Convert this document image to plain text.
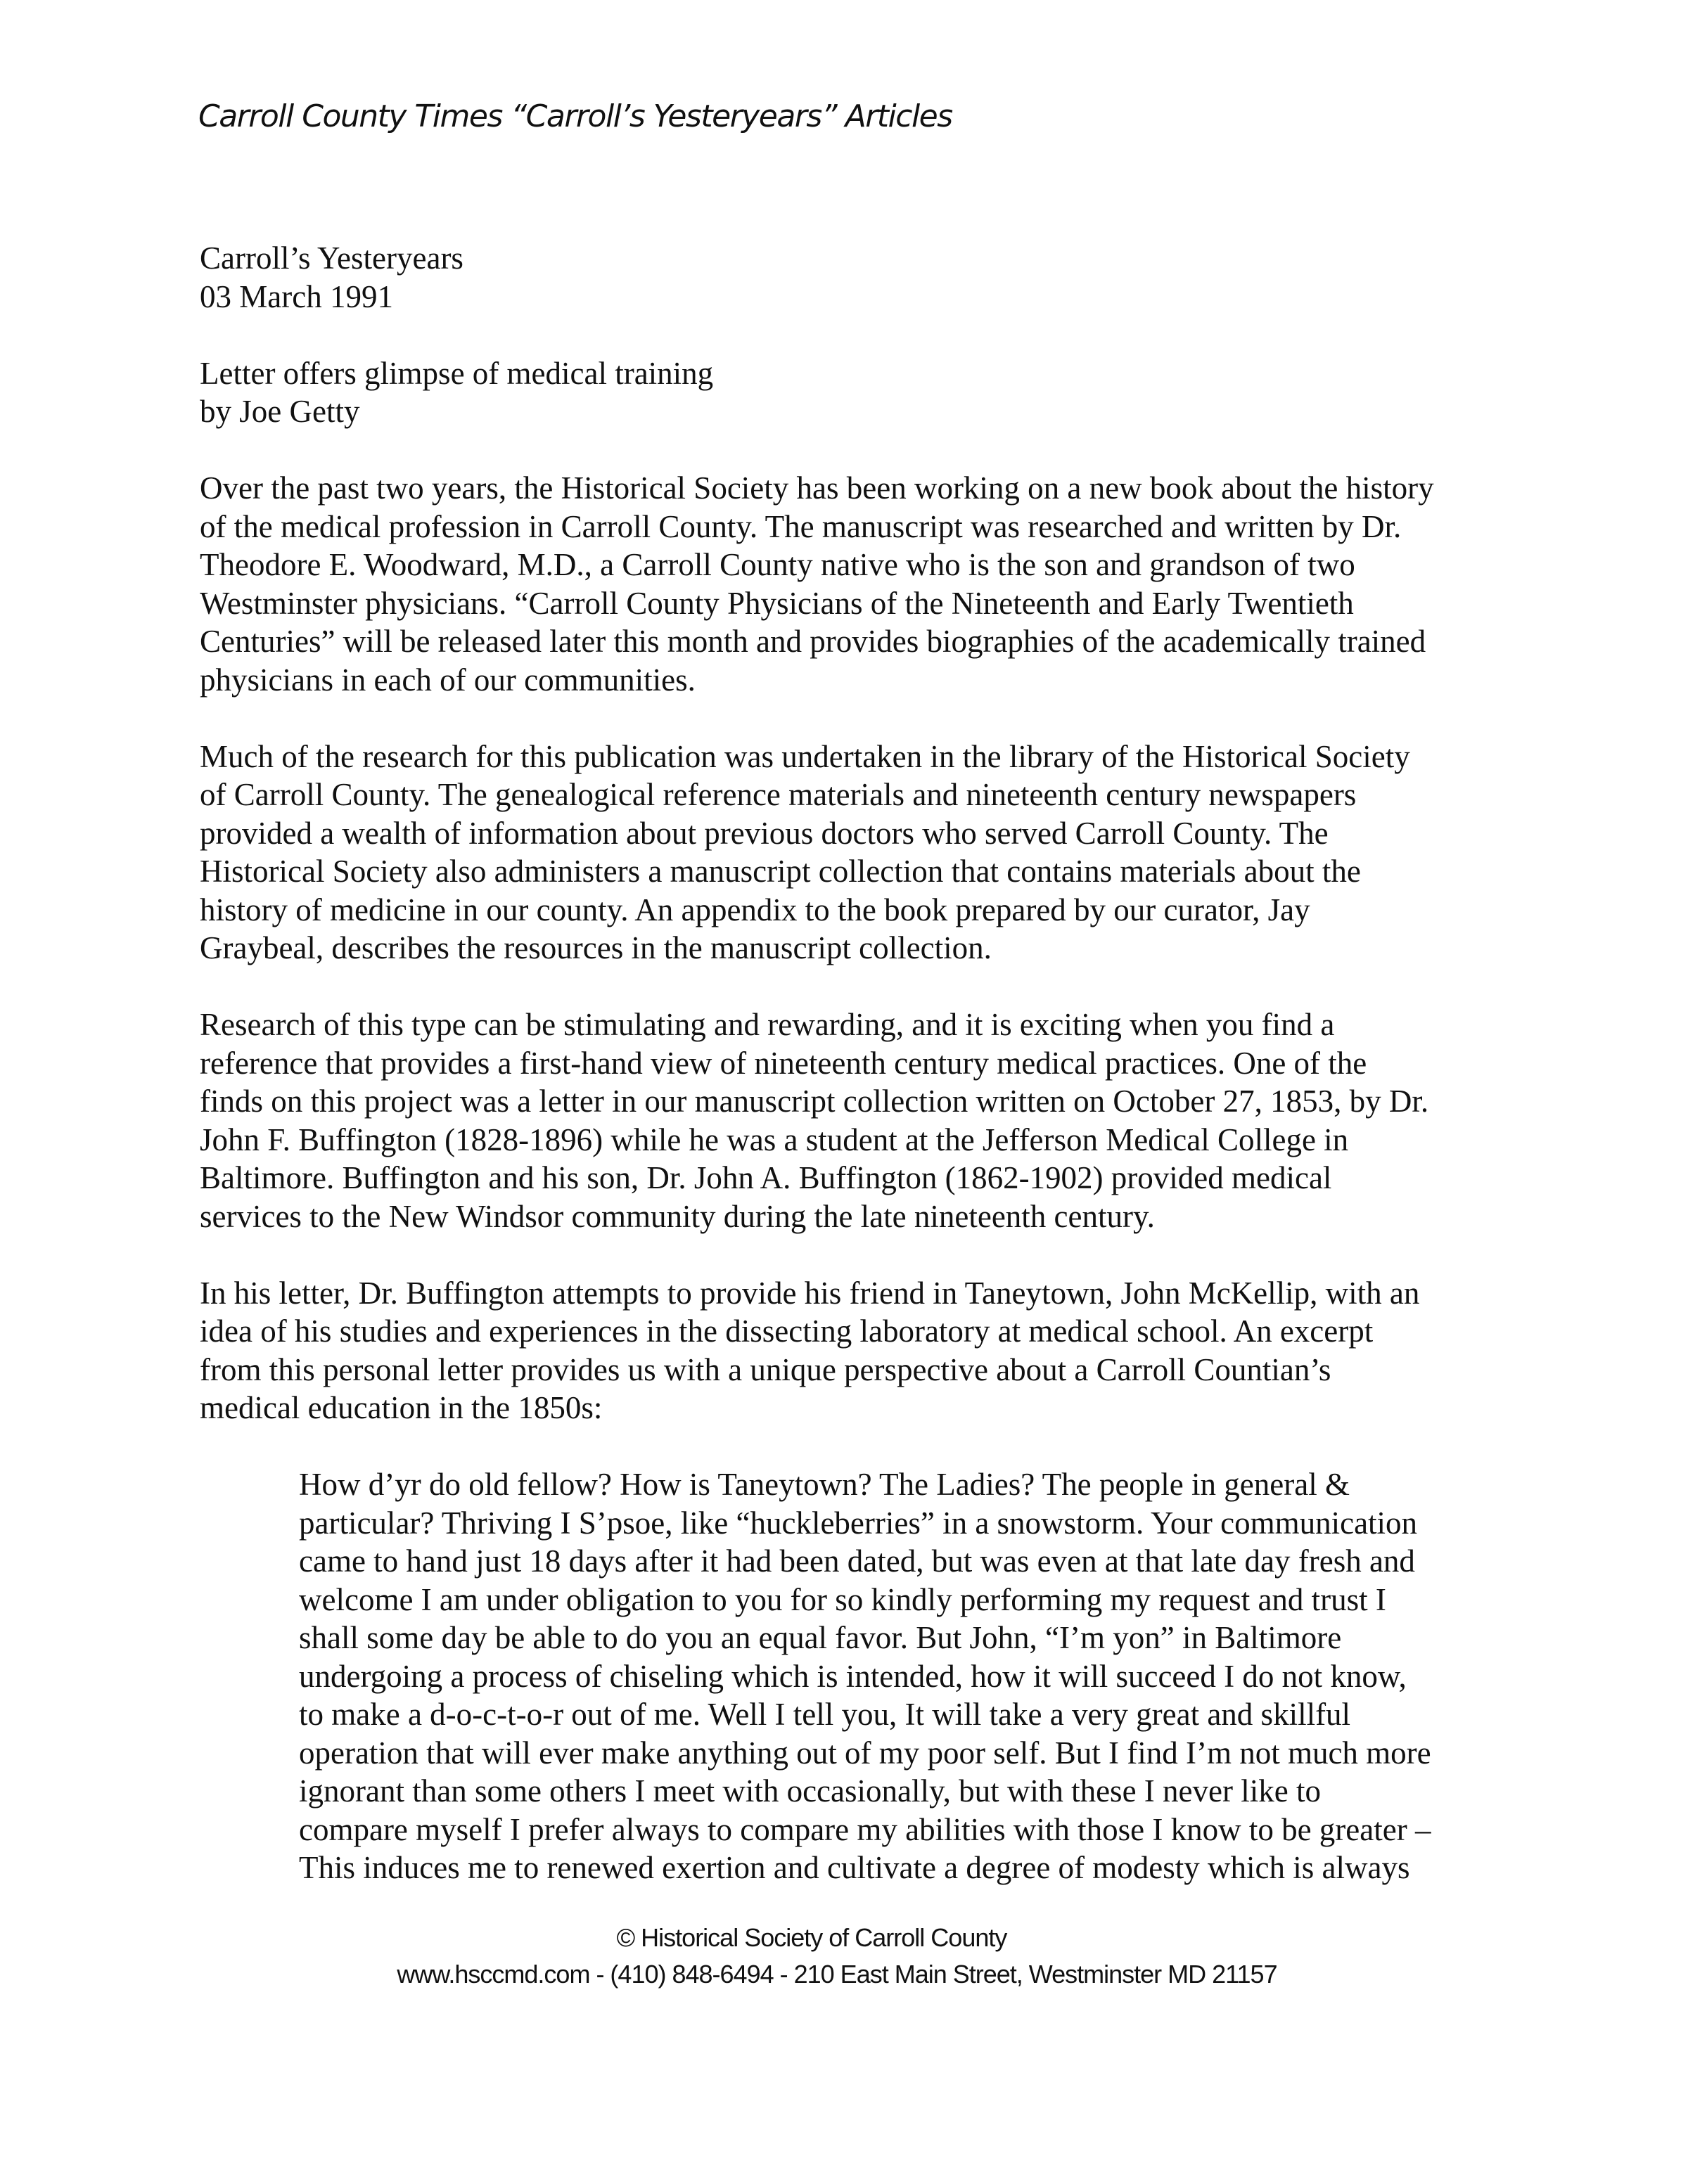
Carroll County Times “Carroll’s Yesteryears” Articles
Carroll’s Yesteryears
03 March 1991
Letter offers glimpse of medical training
by Joe Getty
Over the past two years, the Historical Society has been working on a new book about the history
of the medical profession in Carroll County. The manuscript was researched and written by Dr.
Theodore E. Woodward, M.D., a Carroll County native who is the son and grandson of two
Westminster physicians. “Carroll County Physicians of the Nineteenth and Early Twentieth
Centuries” will be released later this month and provides biographies of the academically trained
physicians in each of our communities.
Much of the research for this publication was undertaken in the library of the Historical Society
of Carroll County. The genealogical reference materials and nineteenth century newspapers
provided a wealth of information about previous doctors who served Carroll County. The
Historical Society also administers a manuscript collection that contains materials about the
history of medicine in our county. An appendix to the book prepared by our curator, Jay
Graybeal, describes the resources in the manuscript collection.
Research of this type can be stimulating and rewarding, and it is exciting when you find a
reference that provides a first-hand view of nineteenth century medical practices. One of the
finds on this project was a letter in our manuscript collection written on October 27, 1853, by Dr.
John F. Buffington (1828-1896) while he was a student at the Jefferson Medical College in
Baltimore. Buffington and his son, Dr. John A. Buffington (1862-1902) provided medical
services to the New Windsor community during the late nineteenth century.
In his letter, Dr. Buffington attempts to provide his friend in Taneytown, John McKellip, with an
idea of his studies and experiences in the dissecting laboratory at medical school. An excerpt
from this personal letter provides us with a unique perspective about a Carroll Countian’s
medical education in the 1850s:
How d’yr do old fellow? How is Taneytown? The Ladies? The people in general &
particular? Thriving I S’psoe, like “huckleberries” in a snowstorm. Your communication
came to hand just 18 days after it had been dated, but was even at that late day fresh and
welcome I am under obligation to you for so kindly performing my request and trust I
shall some day be able to do you an equal favor. But John, “I’m yon” in Baltimore
undergoing a process of chiseling which is intended, how it will succeed I do not know,
to make a d-o-c-t-o-r out of me. Well I tell you, It will take a very great and skillful
operation that will ever make anything out of my poor self. But I find I’m not much more
ignorant than some others I meet with occasionally, but with these I never like to
compare myself I prefer always to compare my abilities with those I know to be greater –
This induces me to renewed exertion and cultivate a degree of modesty which is always
© Historical Society of Carroll County
www.hsccmd.com - (410) 848-6494 - 210 East Main Street, Westminster MD 21157
